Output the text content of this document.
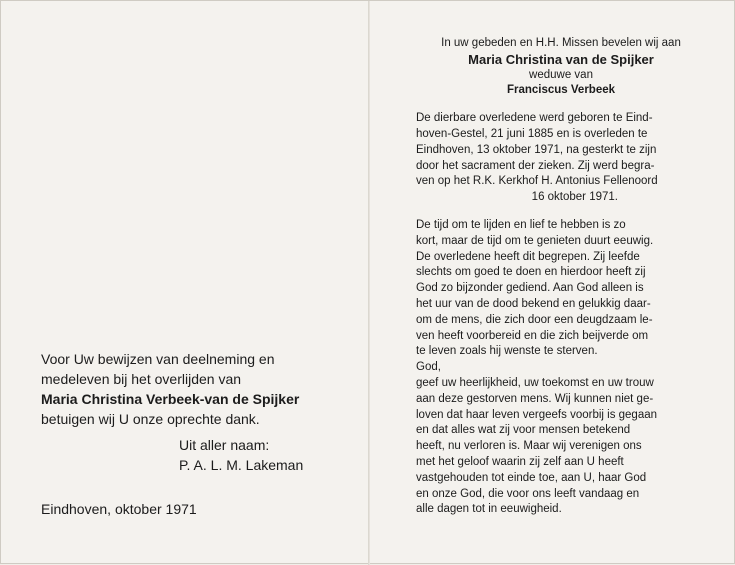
Voor Uw bewijzen van deelneming en

medeleven bij het overlijden van

Maria Christina Verbeek-van de Spijker

betuigen wij U onze oprechte dank.

Uit aller naam:

P. A. L. M. Lakeman

Eindhoven, oktober 1971

In uw gebeden en H.H. Missen bevelen wij aan

Maria Christina van de Spijker

weduwe van

Franciscus Verbeek

De dierbare overledene werd geboren te Eind-

hoven-Gestel, 21 juni 1885 en is overleden te

Eindhoven, 13 oktober 1971, na gesterkt te zijn

door het sacrament der zieken. Zij werd begra-

ven op het R.K. Kerkhof H. Antonius Fellenoord

16 oktober 1971.

De tijd om te lijden en lief te hebben is zo

kort, maar de tijd om te genieten duurt eeuwig.

De overledene heeft dit begrepen. Zij leefde

slechts om goed te doen en hierdoor heeft zij

God zo bijzonder gediend. Aan God alleen is

het uur van de dood bekend en gelukkig daar-

om de mens, die zich door een deugdzaam le-

ven heeft voorbereid en die zich beijverde om

te leven zoals hij wenste te sterven.

God,

geef uw heerlijkheid, uw toekomst en uw trouw

aan deze gestorven mens. Wij kunnen niet ge-

loven dat haar leven vergeefs voorbij is gegaan

en dat alles wat zij voor mensen betekend

heeft, nu verloren is. Maar wij verenigen ons

met het geloof waarin zij zelf aan U heeft

vastgehouden tot einde toe, aan U, haar God

en onze God, die voor ons leeft vandaag en

alle dagen tot in eeuwigheid.
